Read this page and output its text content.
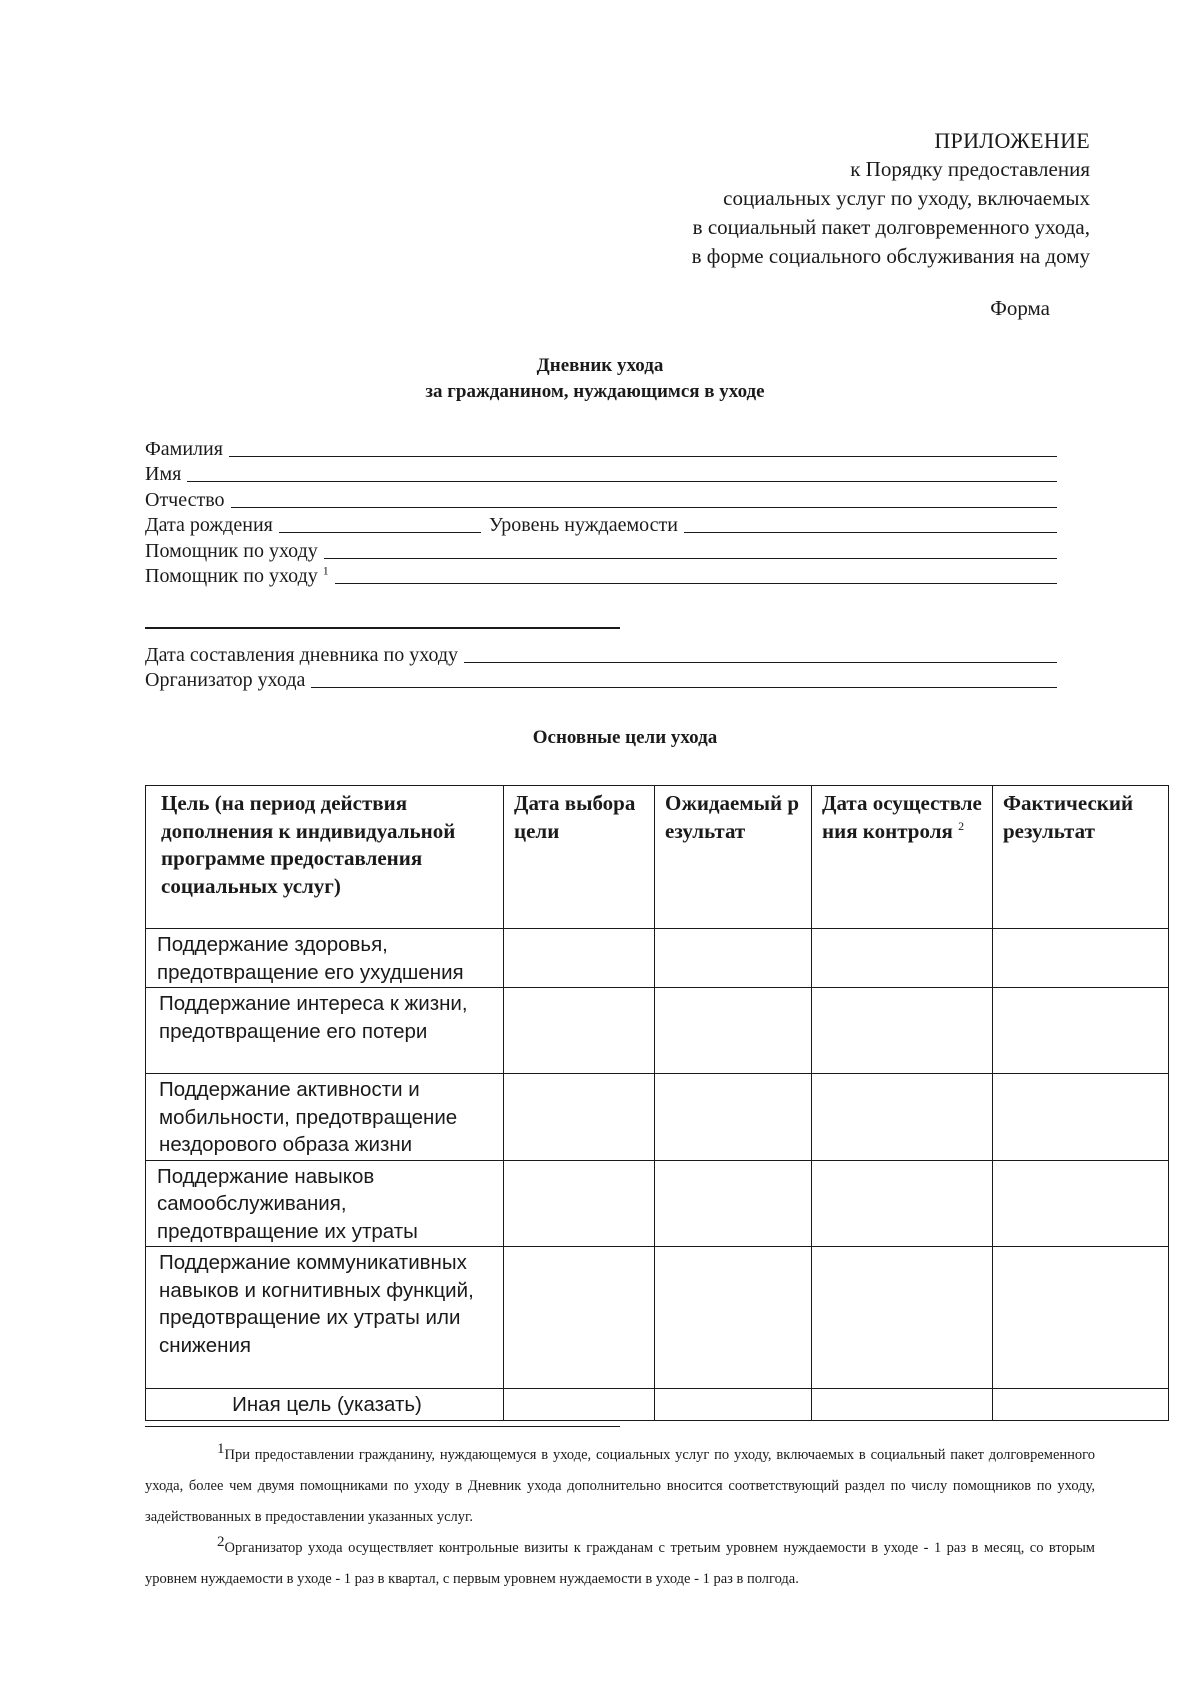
ПРИЛОЖЕНИЕ
к Порядку предоставления
социальных услуг по уходу, включаемых
в социальный пакет долговременного ухода,
в форме социального обслуживания на дому
Форма
Дневник ухода
за гражданином, нуждающимся в уходе
Фамилия
Имя
Отчество
Дата рождения	Уровень нуждаемости
Помощник по уходу
Помощник по уходу $^1$
Дата составления дневника по уходу
Организатор ухода
Основные цели ухода
Цель (на период действия дополнения к индивидуальной программе предоставления социальных услуг)	Дата выбора цели	Ожидаемый результат	Дата осуществления контроля $^2$	Фактический результат
Поддержание здоровья, предотвращение его ухудшения				
Поддержание интереса к жизни, предотвращение его потери				
Поддержание активности и мобильности, предотвращение нездорового образа жизни				
Поддержание навыков самообслуживания, предотвращение их утраты				
Поддержание коммуникативных навыков и когнитивных функций, предотвращение их утраты или снижения				
Иная цель (указать)				

1При предоставлении гражданину, нуждающемуся в уходе, социальных услуг по уходу, включаемых в социальный пакет долговременного ухода, более чем двумя помощниками по уходу в Дневник ухода дополнительно вносится соответствующий раздел по числу помощников по уходу, задействованных в предоставлении указанных услуг.

2Организатор ухода осуществляет контрольные визиты к гражданам с третьим уровнем нуждаемости в уходе - 1 раз в месяц, со вторым уровнем нуждаемости в уходе - 1 раз в квартал, с первым уровнем нуждаемости в уходе - 1 раз в полгода.
